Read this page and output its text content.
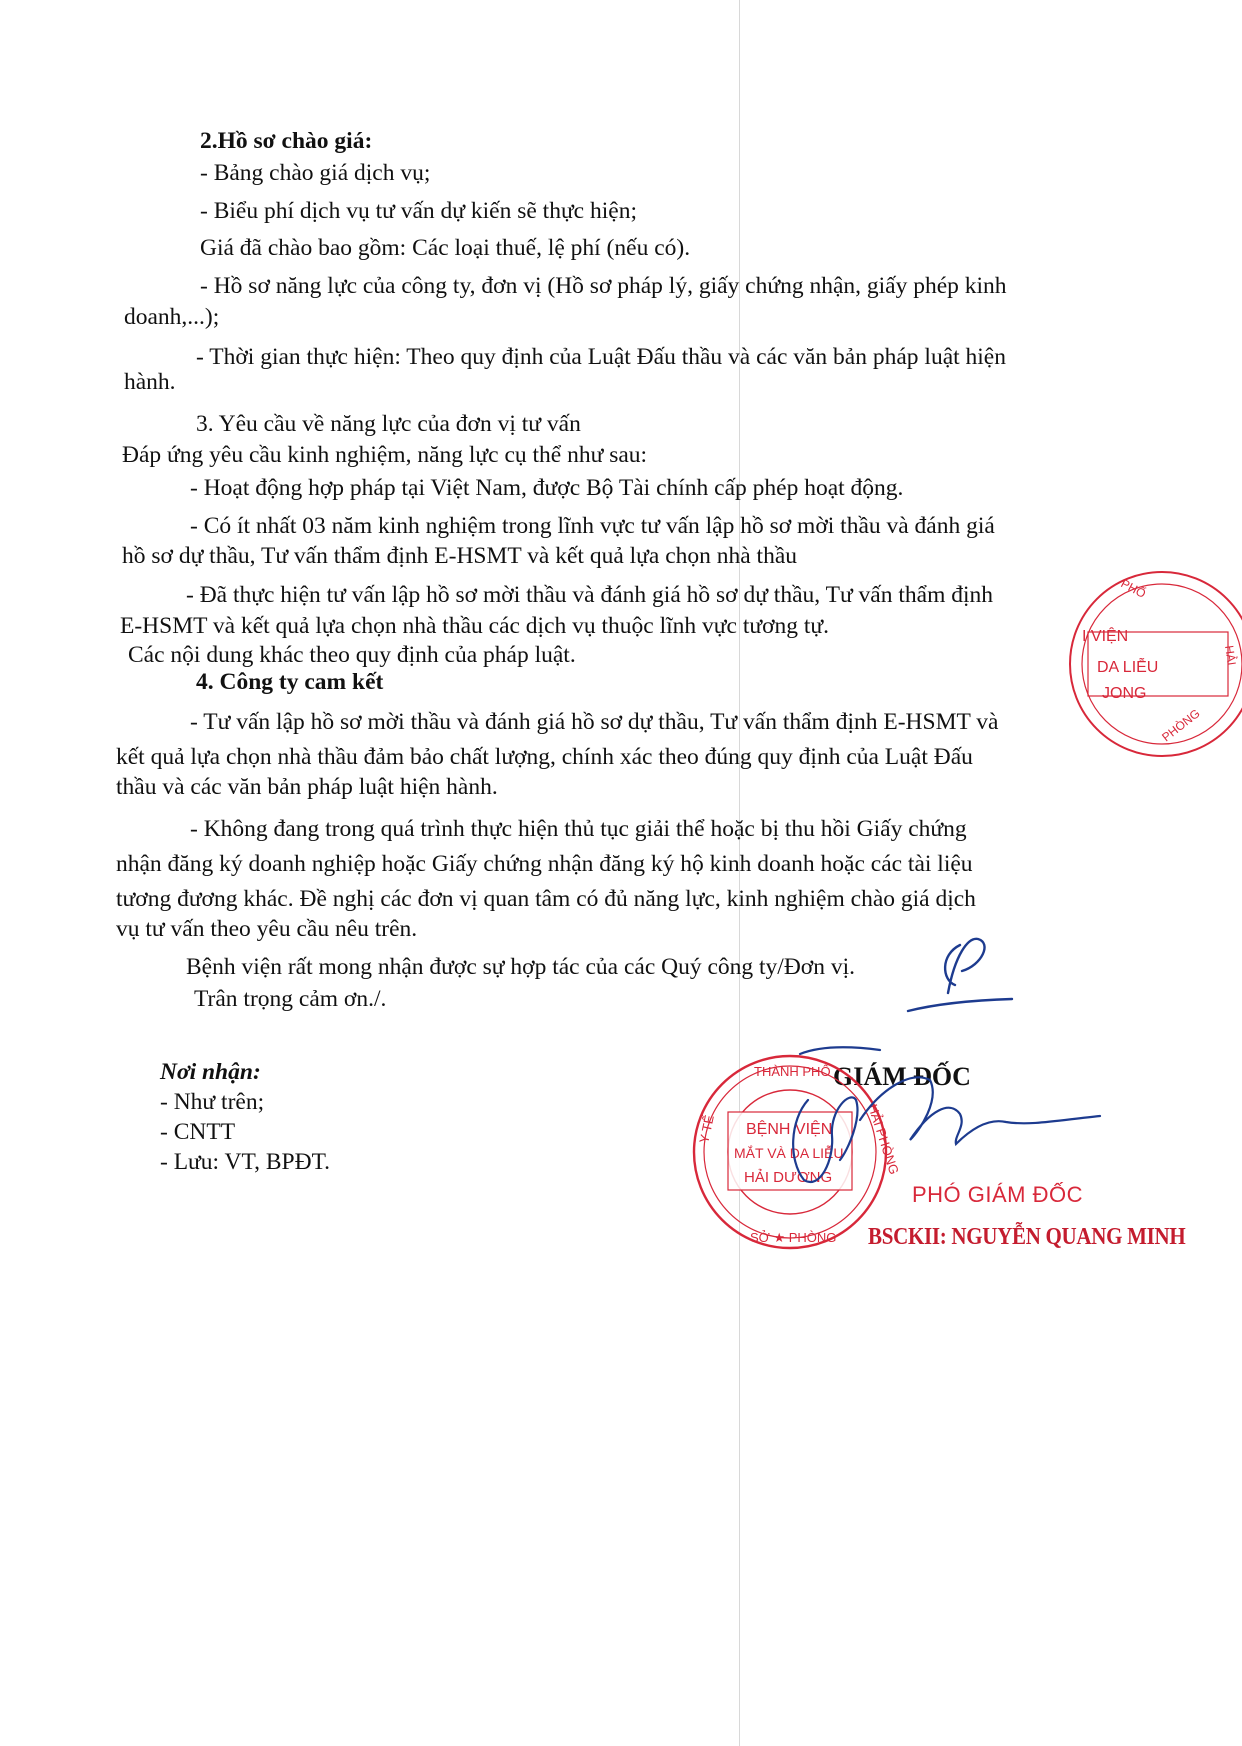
2.Hồ sơ chào giá:
- Bảng chào giá dịch vụ;
- Biểu phí dịch vụ tư vấn dự kiến sẽ thực hiện;
Giá đã chào bao gồm: Các loại thuế, lệ phí (nếu có).
- Hồ sơ năng lực của công ty, đơn vị (Hồ sơ pháp lý, giấy chứng nhận, giấy phép kinh
doanh,...);
- Thời gian thực hiện: Theo quy định của Luật Đấu thầu và các văn bản pháp luật hiện
hành.
3. Yêu cầu về năng lực của đơn vị tư vấn
Đáp ứng yêu cầu kinh nghiệm, năng lực cụ thể như sau:
- Hoạt động hợp pháp tại Việt Nam, được Bộ Tài chính cấp phép hoạt động.
- Có ít nhất 03 năm kinh nghiệm trong lĩnh vực tư vấn lập hồ sơ mời thầu và đánh giá
hồ sơ dự thầu, Tư vấn thẩm định E-HSMT và kết quả lựa chọn nhà thầu
- Đã thực hiện tư vấn lập hồ sơ mời thầu và đánh giá hồ sơ dự thầu, Tư vấn thẩm định
E-HSMT và kết quả lựa chọn nhà thầu các dịch vụ thuộc lĩnh vực tương tự.
Các nội dung khác theo quy định của pháp luật.
4. Công ty cam kết
- Tư vấn lập hồ sơ mời thầu và đánh giá hồ sơ dự thầu, Tư vấn thẩm định E-HSMT và
kết quả lựa chọn nhà thầu đảm bảo chất lượng, chính xác theo đúng quy định của Luật Đấu
thầu và các văn bản pháp luật hiện hành.
- Không đang trong quá trình thực hiện thủ tục giải thể hoặc bị thu hồi Giấy chứng
nhận đăng ký doanh nghiệp hoặc Giấy chứng nhận đăng ký hộ kinh doanh hoặc các tài liệu
tương đương khác. Đề nghị các đơn vị quan tâm có đủ năng lực, kinh nghiệm chào giá dịch
vụ tư vấn theo yêu cầu nêu trên.
Bệnh viện rất mong nhận được sự hợp tác của các Quý công ty/Đơn vị.
Trân trọng cảm ơn./.
Nơi nhận:
- Như trên;
- CNTT
- Lưu: VT, BPĐT.
GIÁM ĐỐC
PHÓ GIÁM ĐỐC
BSCKII: NGUYỄN QUANG MINH
I VIỆN
DA LIỄU
JONG
PHỐ
HẢI
PHÒNG
THÀNH PHỐ
Y TẾ	HẢI PHÒNG
SỞ ★ PHÒNG
BỆNH VIỆN
MẮT VÀ DA LIỄU
HẢI DƯƠNG
